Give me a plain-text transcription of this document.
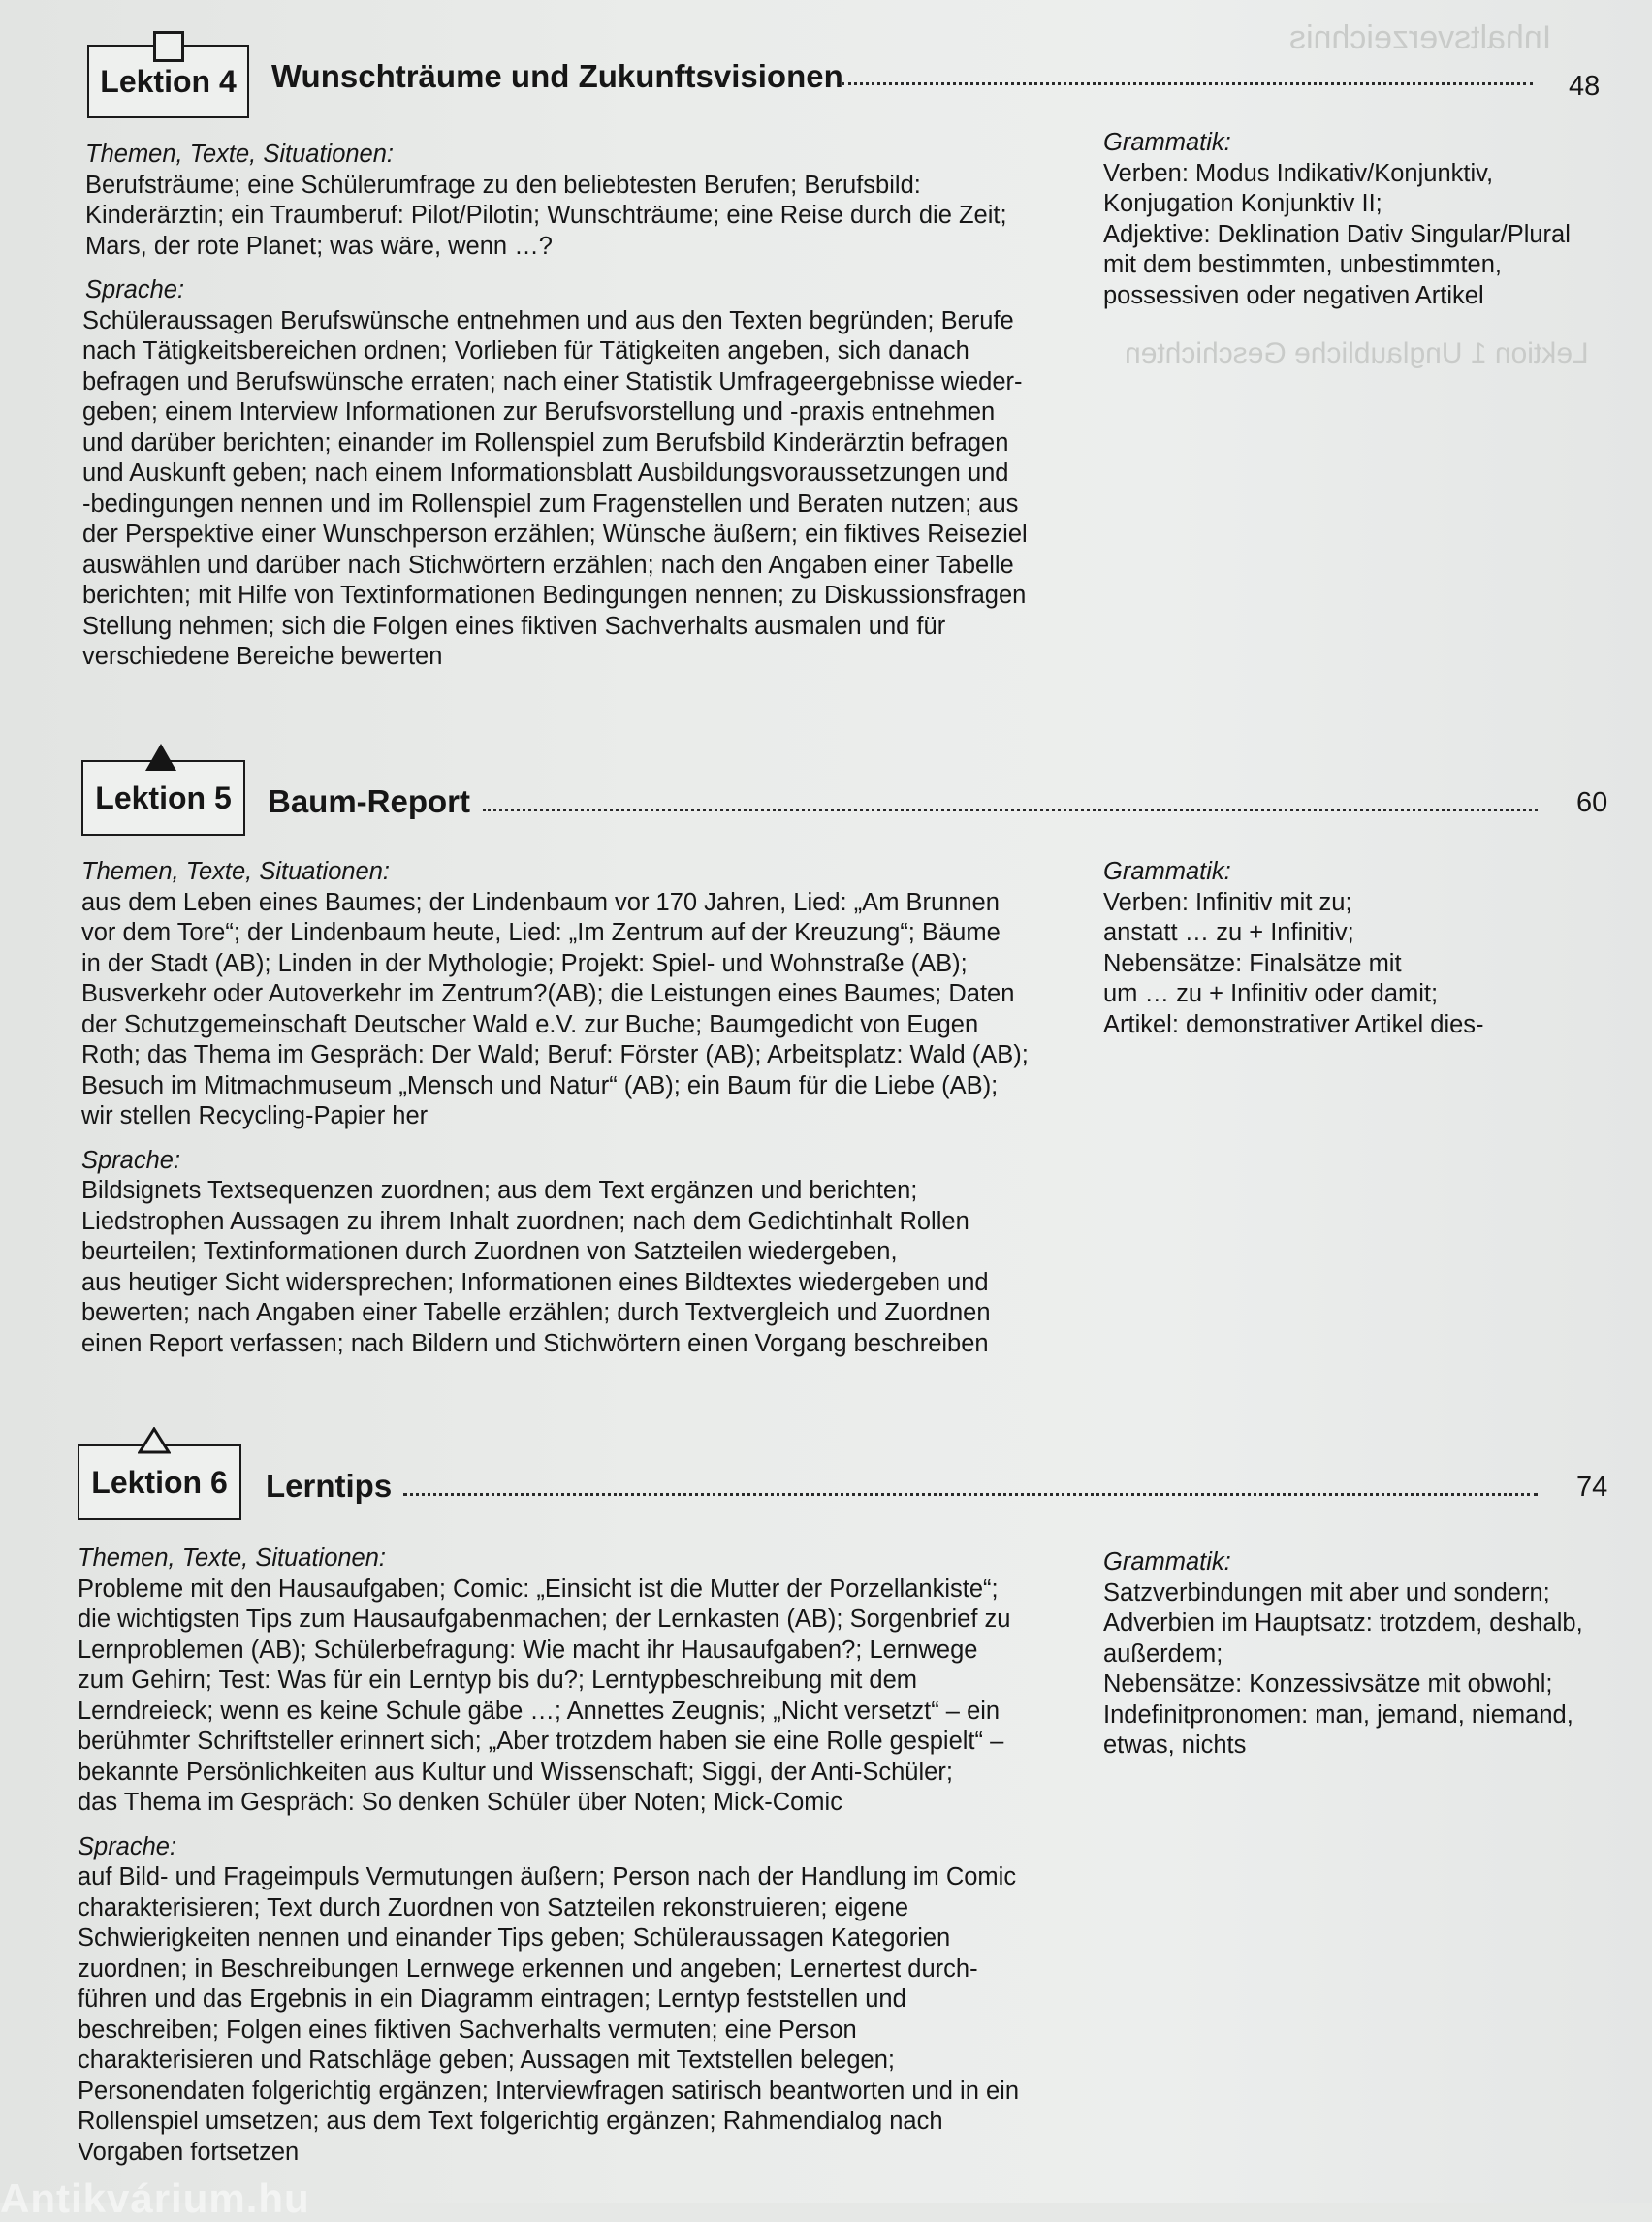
Inhaltsverzeichnis
Lektion 1 Unglaubliche Geschichten
Lektion 4	Wunschträume und Zukunftsvisionen	48
Themen, Texte, Situationen:
Berufsträume; eine Schülerumfrage zu den beliebtesten Berufen; Berufsbild:
Kinderärztin; ein Traumberuf: Pilot/Pilotin; Wunschträume; eine Reise durch die Zeit;
Mars, der rote Planet; was wäre, wenn …?
Sprache:
Schüleraussagen Berufswünsche entnehmen und aus den Texten begründen; Berufe
nach Tätigkeitsbereichen ordnen; Vorlieben für Tätigkeiten angeben, sich danach
befragen und Berufswünsche erraten; nach einer Statistik Umfrageergebnisse wieder-
geben; einem Interview Informationen zur Berufsvorstellung und -praxis entnehmen
und darüber berichten; einander im Rollenspiel zum Berufsbild Kinderärztin befragen
und Auskunft geben; nach einem Informationsblatt Ausbildungsvoraussetzungen und
-bedingungen nennen und im Rollenspiel zum Fragenstellen und Beraten nutzen; aus
der Perspektive einer Wunschperson erzählen; Wünsche äußern; ein fiktives Reiseziel
auswählen und darüber nach Stichwörtern erzählen; nach den Angaben einer Tabelle
berichten; mit Hilfe von Textinformationen Bedingungen nennen; zu Diskussionsfragen
Stellung nehmen; sich die Folgen eines fiktiven Sachverhalts ausmalen und für
verschiedene Bereiche bewerten
Grammatik:
Verben: Modus Indikativ/Konjunktiv,
Konjugation Konjunktiv II;
Adjektive: Deklination Dativ Singular/Plural
mit dem bestimmten, unbestimmten,
possessiven oder negativen Artikel
Lektion 5	Baum-Report	60
Themen, Texte, Situationen:
aus dem Leben eines Baumes; der Lindenbaum vor 170 Jahren, Lied: „Am Brunnen
vor dem Tore“; der Lindenbaum heute, Lied: „Im Zentrum auf der Kreuzung“; Bäume
in der Stadt (AB); Linden in der Mythologie; Projekt: Spiel- und Wohnstraße (AB);
Busverkehr oder Autoverkehr im Zentrum?(AB); die Leistungen eines Baumes; Daten
der Schutzgemeinschaft Deutscher Wald e.V. zur Buche; Baumgedicht von Eugen
Roth; das Thema im Gespräch: Der Wald; Beruf: Förster (AB); Arbeitsplatz: Wald (AB);
Besuch im Mitmachmuseum „Mensch und Natur“ (AB); ein Baum für die Liebe (AB);
wir stellen Recycling-Papier her
Sprache:
Bildsignets Textsequenzen zuordnen; aus dem Text ergänzen und berichten;
Liedstrophen Aussagen zu ihrem Inhalt zuordnen; nach dem Gedichtinhalt Rollen
beurteilen; Textinformationen durch Zuordnen von Satzteilen wiedergeben,
aus heutiger Sicht widersprechen; Informationen eines Bildtextes wiedergeben und
bewerten; nach Angaben einer Tabelle erzählen; durch Textvergleich und Zuordnen
einen Report verfassen; nach Bildern und Stichwörtern einen Vorgang beschreiben
Grammatik:
Verben: Infinitiv mit zu;
anstatt … zu + Infinitiv;
Nebensätze: Finalsätze mit
um … zu + Infinitiv oder damit;
Artikel: demonstrativer Artikel dies-
Lektion 6	Lerntips	74
Themen, Texte, Situationen:
Probleme mit den Hausaufgaben; Comic: „Einsicht ist die Mutter der Porzellankiste“;
die wichtigsten Tips zum Hausaufgabenmachen; der Lernkasten (AB); Sorgenbrief zu
Lernproblemen (AB); Schülerbefragung: Wie macht ihr Hausaufgaben?; Lernwege
zum Gehirn; Test: Was für ein Lerntyp bis du?; Lerntypbeschreibung mit dem
Lerndreieck; wenn es keine Schule gäbe …; Annettes Zeugnis; „Nicht versetzt“ – ein
berühmter Schriftsteller erinnert sich; „Aber trotzdem haben sie eine Rolle gespielt“ –
bekannte Persönlichkeiten aus Kultur und Wissenschaft; Siggi, der Anti-Schüler;
das Thema im Gespräch: So denken Schüler über Noten; Mick-Comic
Sprache:
auf Bild- und Frageimpuls Vermutungen äußern; Person nach der Handlung im Comic
charakterisieren; Text durch Zuordnen von Satzteilen rekonstruieren; eigene
Schwierigkeiten nennen und einander Tips geben; Schüleraussagen Kategorien
zuordnen; in Beschreibungen Lernwege erkennen und angeben; Lernertest durch-
führen und das Ergebnis in ein Diagramm eintragen; Lerntyp feststellen und
beschreiben; Folgen eines fiktiven Sachverhalts vermuten; eine Person
charakterisieren und Ratschläge geben; Aussagen mit Textstellen belegen;
Personendaten folgerichtig ergänzen; Interviewfragen satirisch beantworten und in ein
Rollenspiel umsetzen; aus dem Text folgerichtig ergänzen; Rahmendialog nach
Vorgaben fortsetzen
Grammatik:
Satzverbindungen mit aber und sondern;
Adverbien im Hauptsatz: trotzdem, deshalb,
außerdem;
Nebensätze: Konzessivsätze mit obwohl;
Indefinitpronomen: man, jemand, niemand,
etwas, nichts
Antikvárium.hu
